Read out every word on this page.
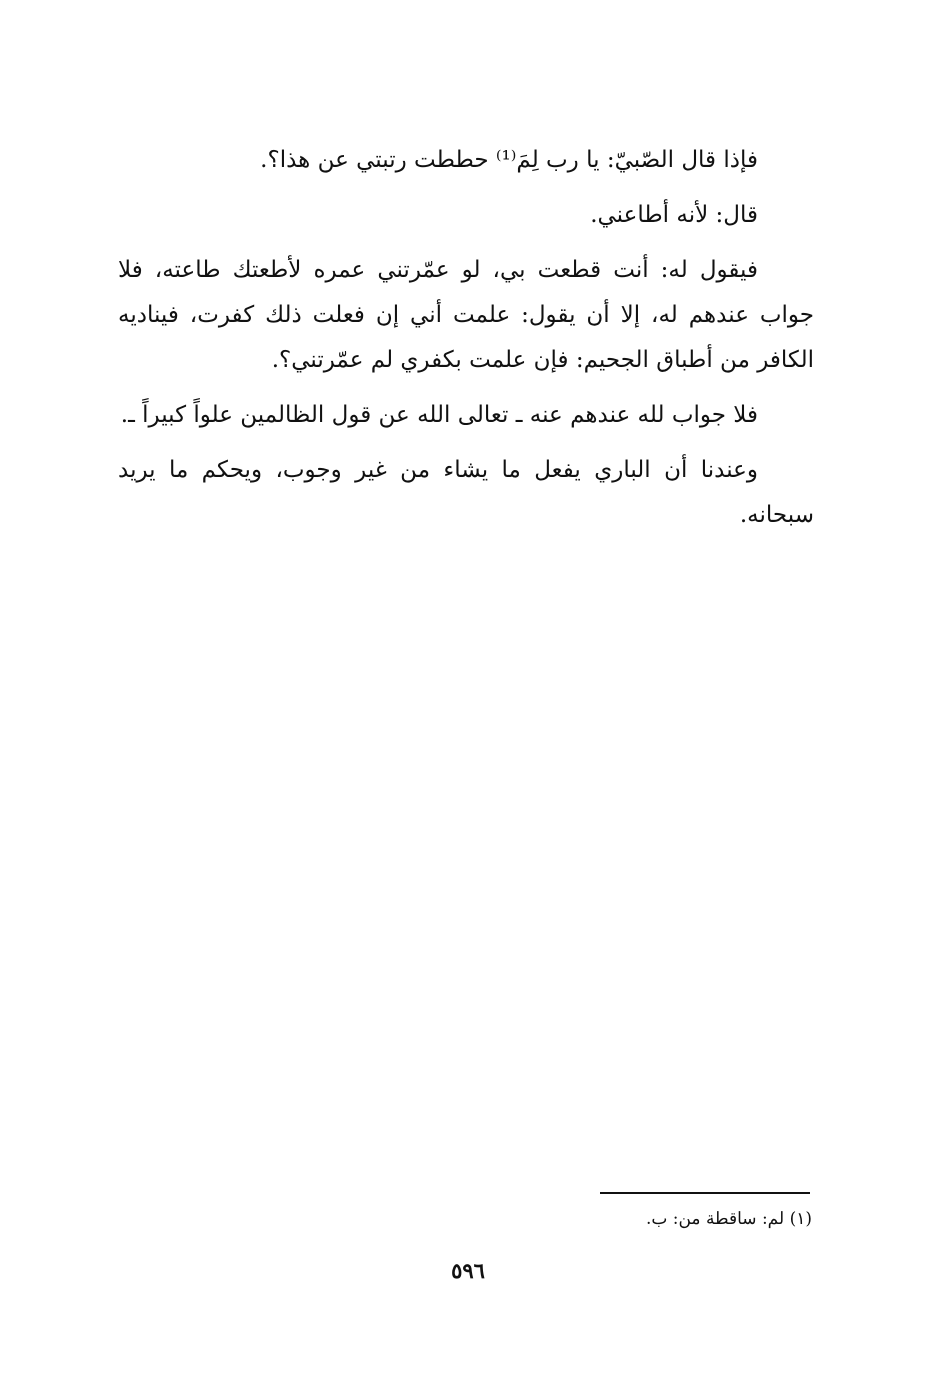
فإذا قال الصّبيّ: يا رب لِمَ⁽¹⁾ حططت رتبتي عن هذا؟.

قال: لأنه أطاعني.

فيقول له: أنت قطعت بي، لو عمّرتني عمره لأطعتك طاعته، فلا جواب عندهم له، إلا أن يقول: علمت أني إن فعلت ذلك كفرت، فيناديه الكافر من أطباق الجحيم: فإن علمت بكفري لم عمّرتني؟.

فلا جواب لله عندهم عنه ـ تعالى الله عن قول الظالمين علواً كبيراً ـ.

وعندنا أن الباري يفعل ما يشاء من غير وجوب، ويحكم ما يريد سبحانه.

(١) لم: ساقطة من: ب.
٥٩٦
